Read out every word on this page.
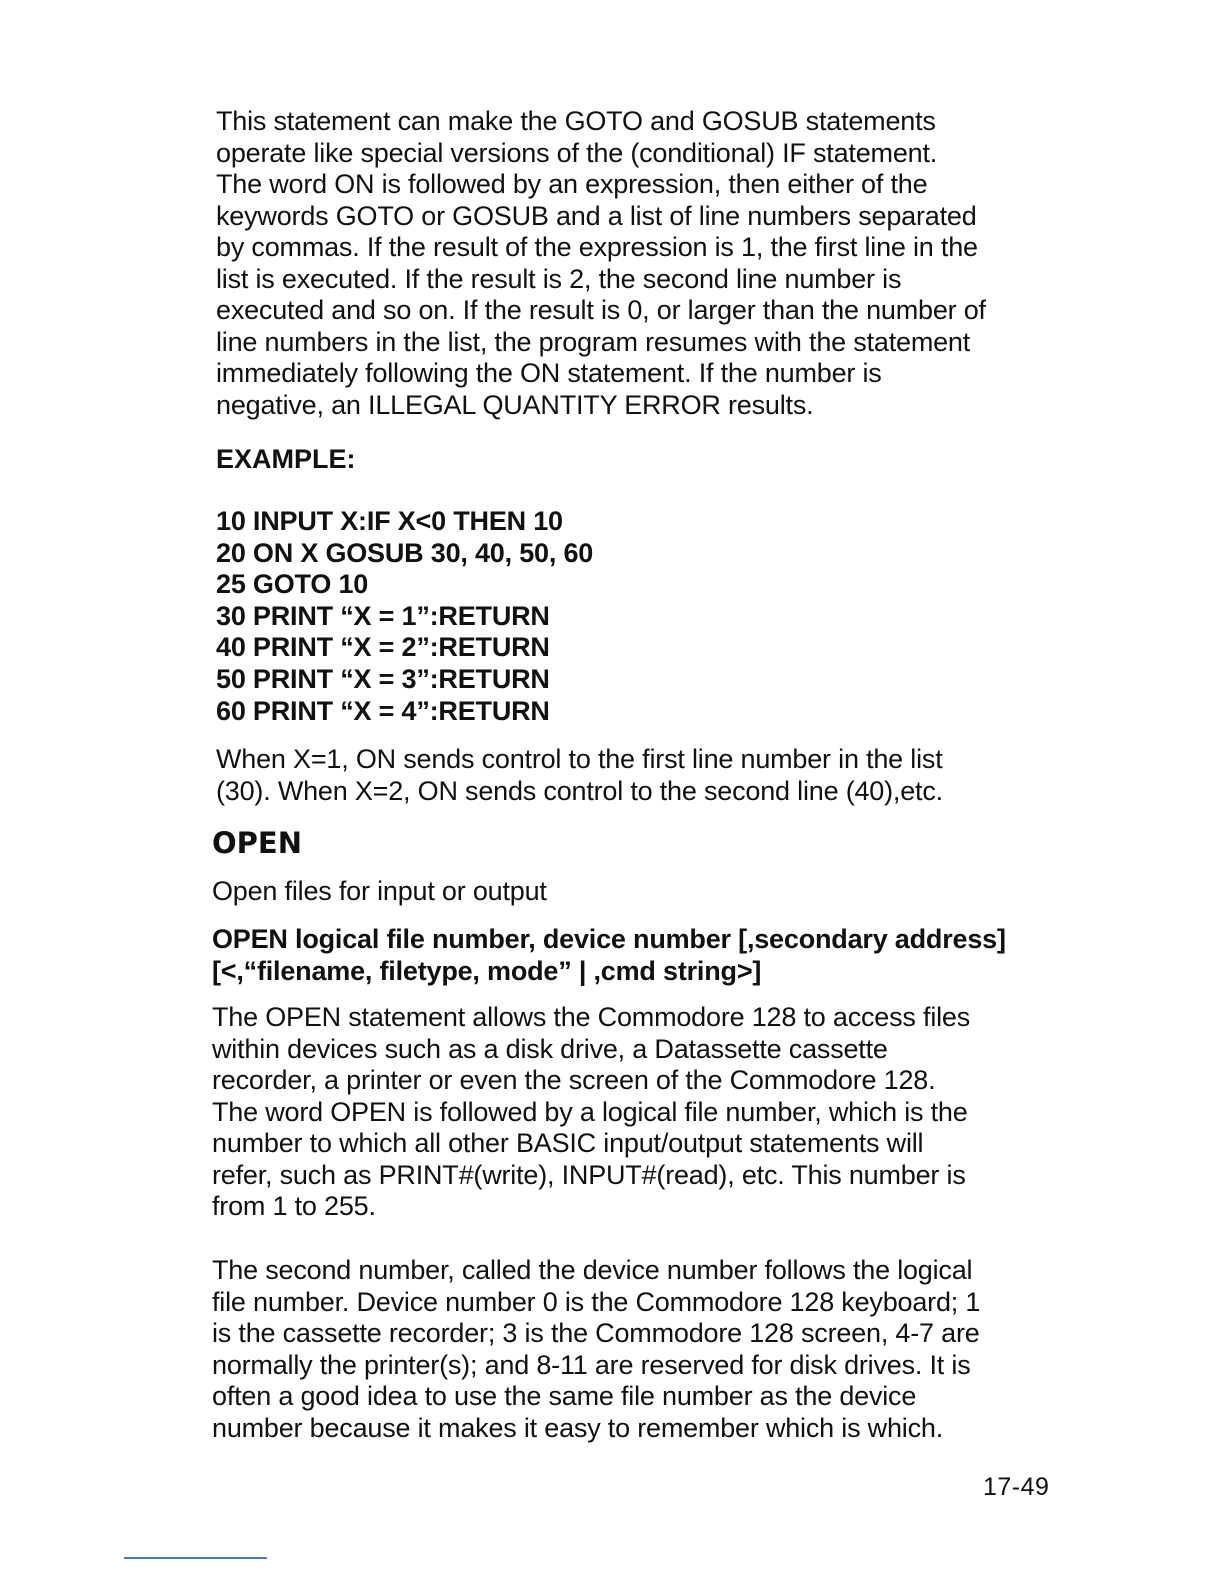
This statement can make the GOTO and GOSUB statements
operate like special versions of the (conditional) IF statement.
The word ON is followed by an expression, then either of the
keywords GOTO or GOSUB and a list of line numbers separated
by commas. If the result of the expression is 1, the first line in the
list is executed. If the result is 2, the second line number is
executed and so on. If the result is 0, or larger than the number of
line numbers in the list, the program resumes with the statement
immediately following the ON statement. If the number is
negative, an ILLEGAL QUANTITY ERROR results.

EXAMPLE:

10 INPUT X:IF X<0 THEN 10
20 ON X GOSUB 30, 40, 50, 60
25 GOTO 10
30 PRINT “X = 1”:RETURN
40 PRINT “X = 2”:RETURN
50 PRINT “X = 3”:RETURN
60 PRINT “X = 4”:RETURN

When X=1, ON sends control to the first line number in the list
(30). When X=2, ON sends control to the second line (40),etc.

OPEN

Open files for input or output

OPEN logical file number, device number [,secondary address]
[<,“filename, filetype, mode” | ,cmd string>]

The OPEN statement allows the Commodore 128 to access files
within devices such as a disk drive, a Datassette cassette
recorder, a printer or even the screen of the Commodore 128.
The word OPEN is followed by a logical file number, which is the
number to which all other BASIC input/output statements will
refer, such as PRINT#(write), INPUT#(read), etc. This number is
from 1 to 255.

The second number, called the device number follows the logical
file number. Device number 0 is the Commodore 128 keyboard; 1
is the cassette recorder; 3 is the Commodore 128 screen, 4-7 are
normally the printer(s); and 8-11 are reserved for disk drives. It is
often a good idea to use the same file number as the device
number because it makes it easy to remember which is which.

17-49
